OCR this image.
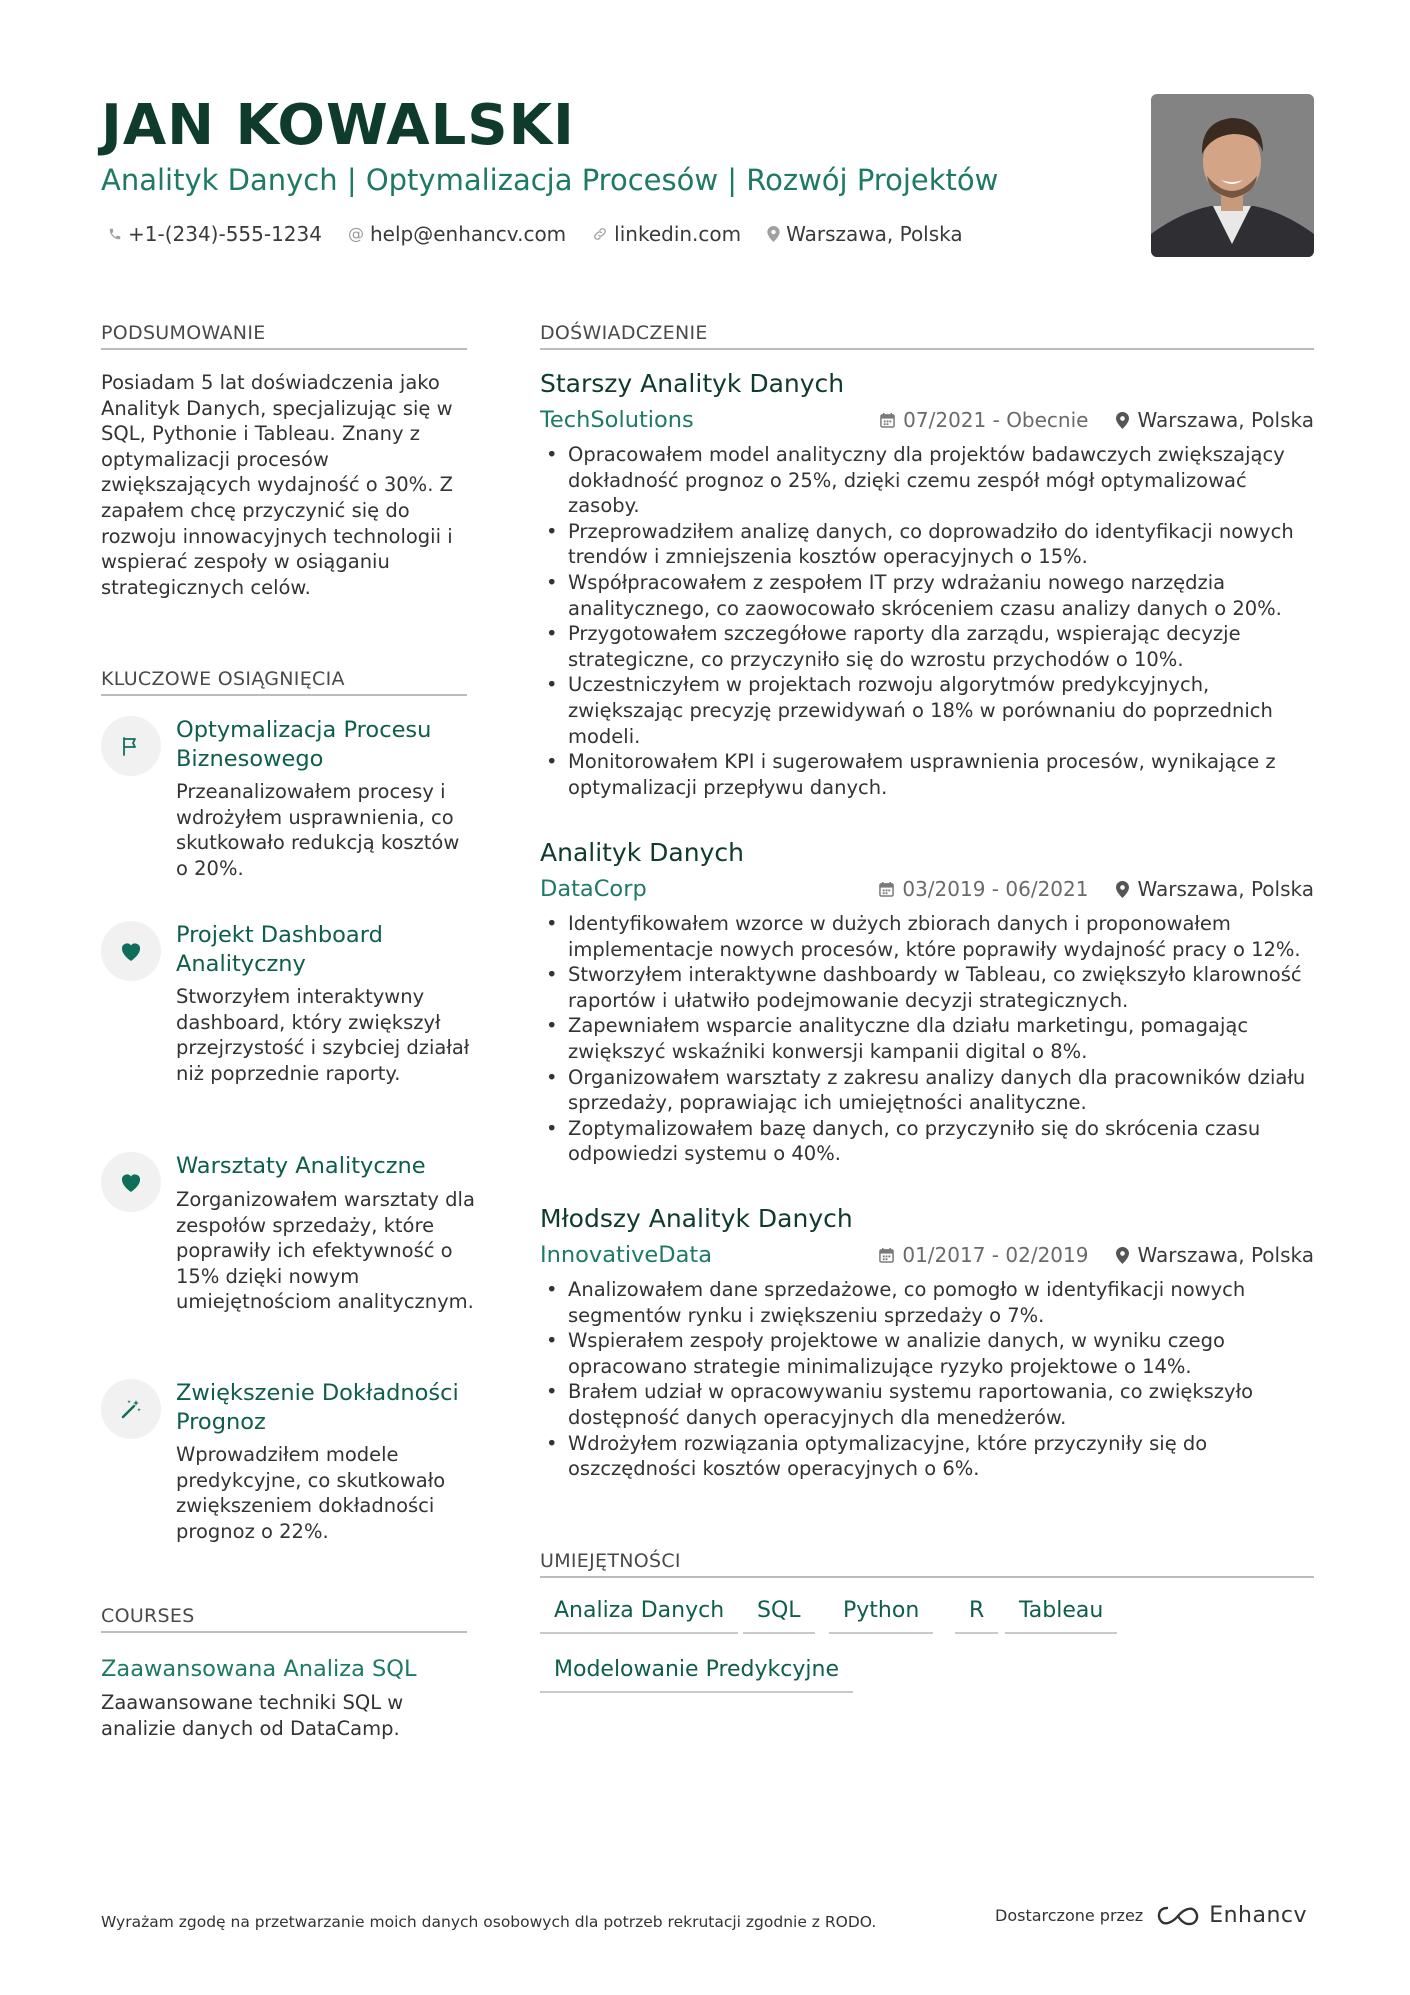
JAN KOWALSKI
Analityk Danych | Optymalizacja Procesów | Rozwój Projektów
+1-(234)-555-1234 @ help@enhancv.com linkedin.com Warszawa, Polska
PODSUMOWANIE
Posiadam 5 lat doświadczenia jako Analityk Danych, specjalizując się w SQL, Pythonie i Tableau. Znany z optymalizacji procesów zwiększających wydajność o 30%. Z zapałem chcę przyczynić się do rozwoju innowacyjnych technologii i wspierać zespoły w osiąganiu strategicznych celów.
KLUCZOWE OSIĄGNIĘCIA
Optymalizacja Procesu Biznesowego
Przeanalizowałem procesy i wdrożyłem usprawnienia, co skutkowało redukcją kosztów o 20%.
Projekt Dashboard Analityczny
Stworzyłem interaktywny dashboard, który zwiększył przejrzystość i szybciej działał niż poprzednie raporty.
Warsztaty Analityczne
Zorganizowałem warsztaty dla zespołów sprzedaży, które poprawiły ich efektywność o 15% dzięki nowym umiejętnościom analitycznym.
Zwiększenie Dokładności Prognoz
Wprowadziłem modele predykcyjne, co skutkowało zwiększeniem dokładności prognoz o 22%.
COURSES
Zaawansowana Analiza SQL
Zaawansowane techniki SQL w analizie danych od DataCamp.
DOŚWIADCZENIE
Starszy Analityk Danych
TechSolutions	07/2021 - Obecnie Warszawa, Polska
• Opracowałem model analityczny dla projektów badawczych zwiększający dokładność prognoz o 25%, dzięki czemu zespół mógł optymalizować zasoby.
• Przeprowadziłem analizę danych, co doprowadziło do identyfikacji nowych trendów i zmniejszenia kosztów operacyjnych o 15%.
• Współpracowałem z zespołem IT przy wdrażaniu nowego narzędzia analitycznego, co zaowocowało skróceniem czasu analizy danych o 20%.
• Przygotowałem szczegółowe raporty dla zarządu, wspierając decyzje strategiczne, co przyczyniło się do wzrostu przychodów o 10%.
• Uczestniczyłem w projektach rozwoju algorytmów predykcyjnych, zwiększając precyzję przewidywań o 18% w porównaniu do poprzednich modeli.
• Monitorowałem KPI i sugerowałem usprawnienia procesów, wynikające z optymalizacji przepływu danych.
Analityk Danych
DataCorp	03/2019 - 06/2021 Warszawa, Polska
• Identyfikowałem wzorce w dużych zbiorach danych i proponowałem implementacje nowych procesów, które poprawiły wydajność pracy o 12%.
• Stworzyłem interaktywne dashboardy w Tableau, co zwiększyło klarowność raportów i ułatwiło podejmowanie decyzji strategicznych.
• Zapewniałem wsparcie analityczne dla działu marketingu, pomagając zwiększyć wskaźniki konwersji kampanii digital o 8%.
• Organizowałem warsztaty z zakresu analizy danych dla pracowników działu sprzedaży, poprawiając ich umiejętności analityczne.
• Zoptymalizowałem bazę danych, co przyczyniło się do skrócenia czasu odpowiedzi systemu o 40%.
Młodszy Analityk Danych
InnovativeData	01/2017 - 02/2019 Warszawa, Polska
• Analizowałem dane sprzedażowe, co pomogło w identyfikacji nowych segmentów rynku i zwiększeniu sprzedaży o 7%.
• Wspierałem zespoły projektowe w analizie danych, w wyniku czego opracowano strategie minimalizujące ryzyko projektowe o 14%.
• Brałem udział w opracowywaniu systemu raportowania, co zwiększyło dostępność danych operacyjnych dla menedżerów.
• Wdrożyłem rozwiązania optymalizacyjne, które przyczyniły się do oszczędności kosztów operacyjnych o 6%.
UMIEJĘTNOŚCI
Analiza Danych	SQL	Python	R	Tableau
Modelowanie Predykcyjne
Wyrażam zgodę na przetwarzanie moich danych osobowych dla potrzeb rekrutacji zgodnie z RODO.	Dostarczone przez	Enhancv
